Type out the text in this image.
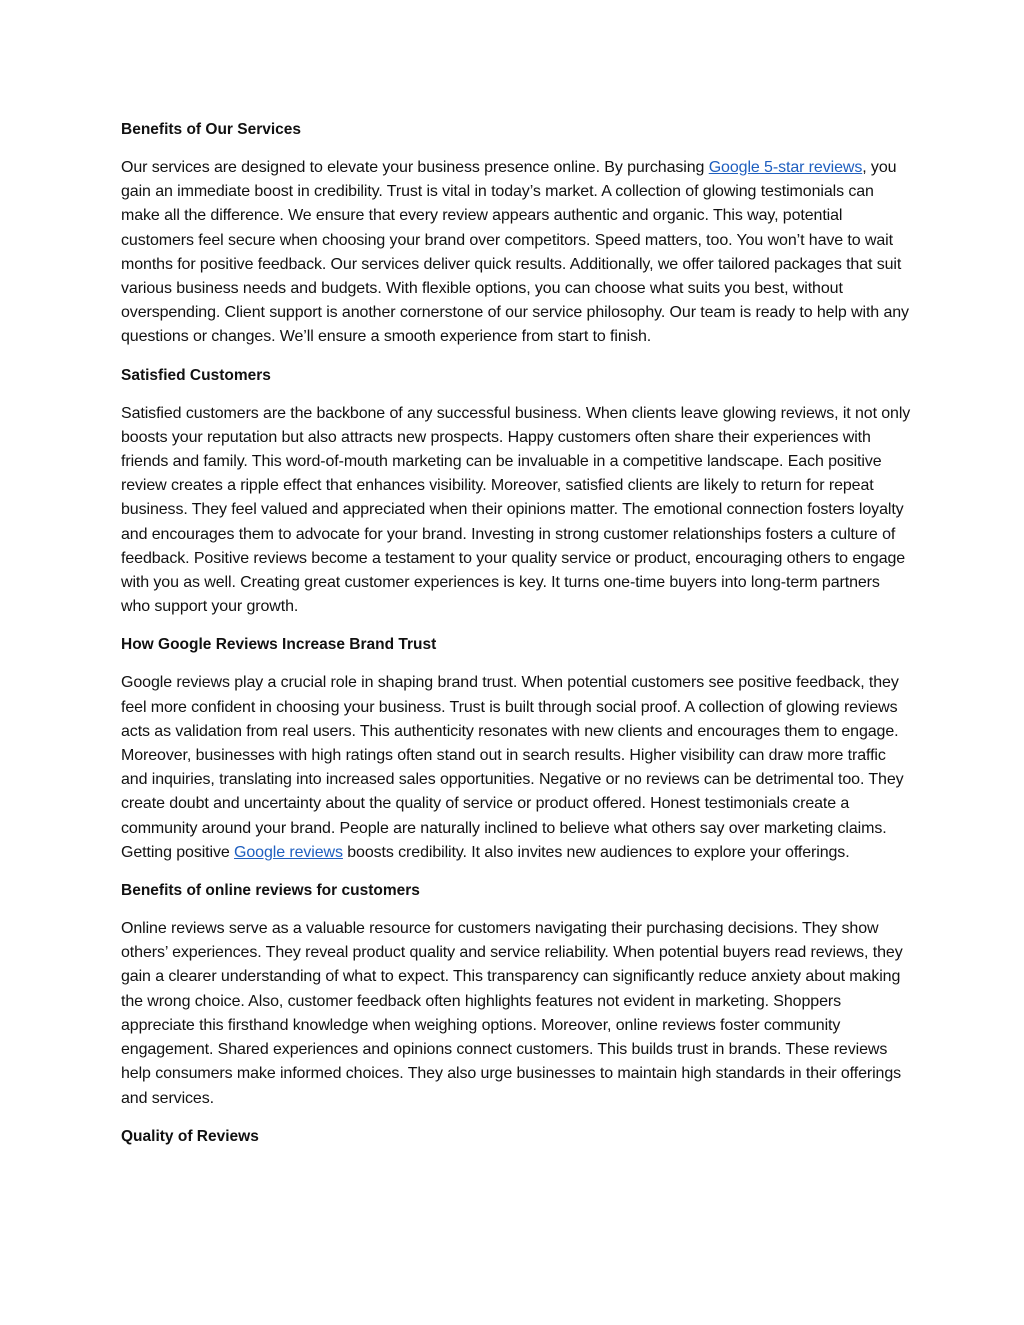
Benefits of Our Services

Our services are designed to elevate your business presence online. By purchasing Google 5-star reviews, you gain an immediate boost in credibility. Trust is vital in today’s market. A collection of glowing testimonials can make all the difference. We ensure that every review appears authentic and organic. This way, potential customers feel secure when choosing your brand over competitors. Speed matters, too. You won’t have to wait months for positive feedback. Our services deliver quick results. Additionally, we offer tailored packages that suit various business needs and budgets. With flexible options, you can choose what suits you best, without overspending. Client support is another cornerstone of our service philosophy. Our team is ready to help with any questions or changes. We’ll ensure a smooth experience from start to finish.

Satisfied Customers

Satisfied customers are the backbone of any successful business. When clients leave glowing reviews, it not only boosts your reputation but also attracts new prospects. Happy customers often share their experiences with friends and family. This word-of-mouth marketing can be invaluable in a competitive landscape. Each positive review creates a ripple effect that enhances visibility. Moreover, satisfied clients are likely to return for repeat business. They feel valued and appreciated when their opinions matter. The emotional connection fosters loyalty and encourages them to advocate for your brand. Investing in strong customer relationships fosters a culture of feedback. Positive reviews become a testament to your quality service or product, encouraging others to engage with you as well. Creating great customer experiences is key. It turns one-time buyers into long-term partners who support your growth.

How Google Reviews Increase Brand Trust

Google reviews play a crucial role in shaping brand trust. When potential customers see positive feedback, they feel more confident in choosing your business. Trust is built through social proof. A collection of glowing reviews acts as validation from real users. This authenticity resonates with new clients and encourages them to engage. Moreover, businesses with high ratings often stand out in search results. Higher visibility can draw more traffic and inquiries, translating into increased sales opportunities. Negative or no reviews can be detrimental too. They create doubt and uncertainty about the quality of service or product offered. Honest testimonials create a community around your brand. People are naturally inclined to believe what others say over marketing claims. Getting positive Google reviews boosts credibility. It also invites new audiences to explore your offerings.

Benefits of online reviews for customers

Online reviews serve as a valuable resource for customers navigating their purchasing decisions. They show others’ experiences. They reveal product quality and service reliability. When potential buyers read reviews, they gain a clearer understanding of what to expect. This transparency can significantly reduce anxiety about making the wrong choice. Also, customer feedback often highlights features not evident in marketing. Shoppers appreciate this firsthand knowledge when weighing options. Moreover, online reviews foster community engagement. Shared experiences and opinions connect customers. This builds trust in brands. These reviews help consumers make informed choices. They also urge businesses to maintain high standards in their offerings and services.

Quality of Reviews
